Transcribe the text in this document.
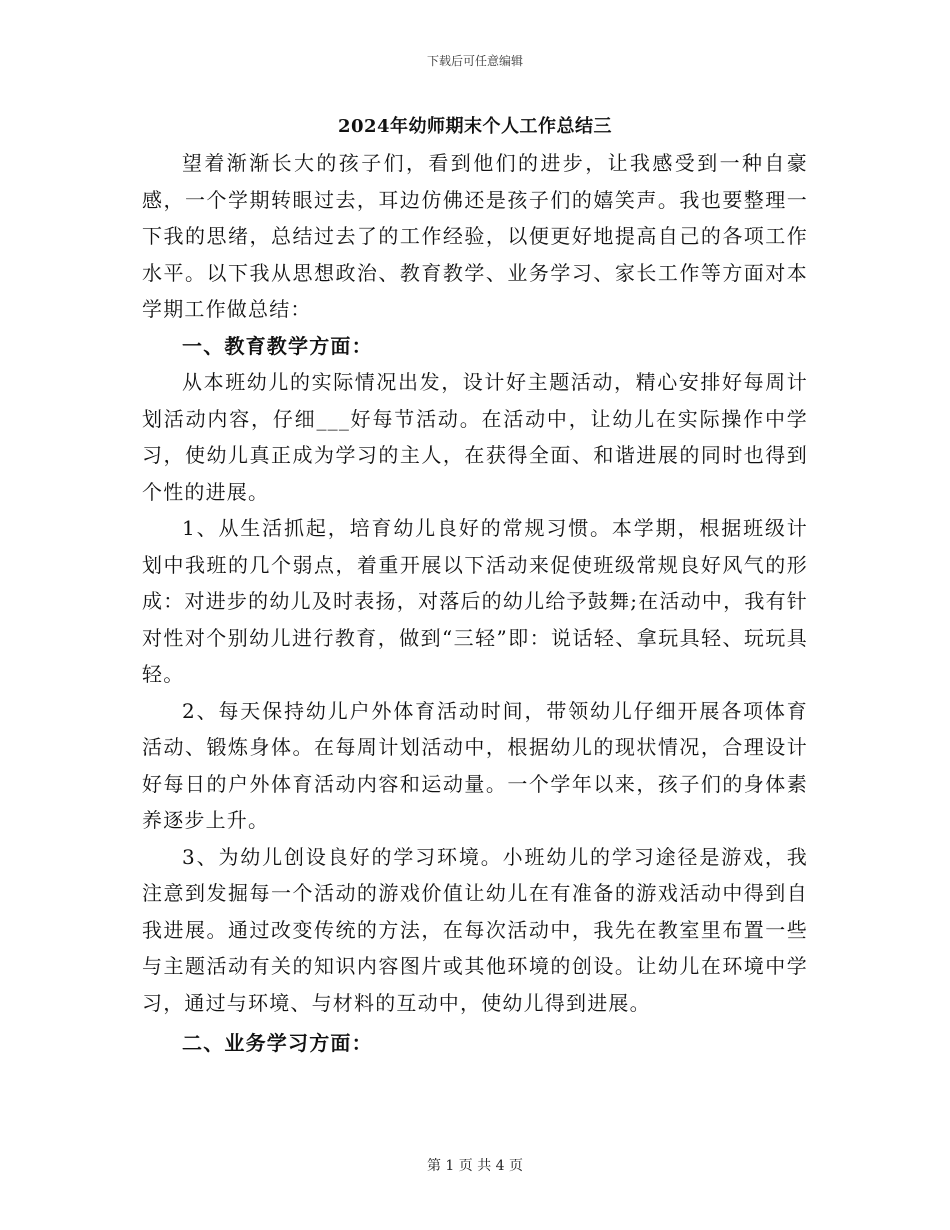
下载后可任意编辑
2024年幼师期末个人工作总结三

望着渐渐长大的孩子们，看到他们的进步，让我感受到一种自豪感，一个学期转眼过去，耳边仿佛还是孩子们的嬉笑声。我也要整理一下我的思绪，总结过去了的工作经验，以便更好地提高自己的各项工作水平。以下我从思想政治、教育教学、业务学习、家长工作等方面对本学期工作做总结：

一、教育教学方面：

从本班幼儿的实际情况出发，设计好主题活动，精心安排好每周计划活动内容，仔细___好每节活动。在活动中，让幼儿在实际操作中学习，使幼儿真正成为学习的主人，在获得全面、和谐进展的同时也得到个性的进展。

1、从生活抓起，培育幼儿良好的常规习惯。本学期，根据班级计划中我班的几个弱点，着重开展以下活动来促使班级常规良好风气的形成：对进步的幼儿及时表扬，对落后的幼儿给予鼓舞;在活动中，我有针对性对个别幼儿进行教育，做到“三轻”即：说话轻、拿玩具轻、玩玩具轻。

2、每天保持幼儿户外体育活动时间，带领幼儿仔细开展各项体育活动、锻炼身体。在每周计划活动中，根据幼儿的现状情况，合理设计好每日的户外体育活动内容和运动量。一个学年以来，孩子们的身体素养逐步上升。

3、为幼儿创设良好的学习环境。小班幼儿的学习途径是游戏，我注意到发掘每一个活动的游戏价值让幼儿在有准备的游戏活动中得到自我进展。通过改变传统的方法，在每次活动中，我先在教室里布置一些与主题活动有关的知识内容图片或其他环境的创设。让幼儿在环境中学习，通过与环境、与材料的互动中，使幼儿得到进展。

二、业务学习方面：

第 1 页 共 4 页
